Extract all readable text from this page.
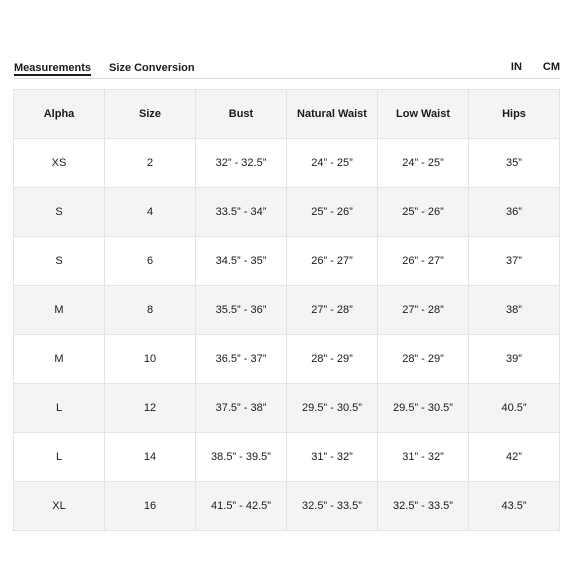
Measurements Size Conversion	IN CM
Alpha	Size	Bust	Natural Waist	Low Waist	Hips
XS	2	32” - 32.5”	24” - 25”	24” - 25”	35”
S	4	33.5” - 34”	25” - 26”	25” - 26”	36”
S	6	34.5” - 35”	26” - 27”	26” - 27”	37”
M	8	35.5” - 36”	27” - 28”	27” - 28”	38”
M	10	36.5” - 37”	28” - 29”	28” - 29”	39”
L	12	37.5” - 38”	29.5” - 30.5”	29.5” - 30.5”	40.5”
L	14	38.5” - 39.5”	31” - 32”	31” - 32”	42”
XL	16	41.5” - 42.5”	32.5” - 33.5”	32.5” - 33.5”	43.5”
